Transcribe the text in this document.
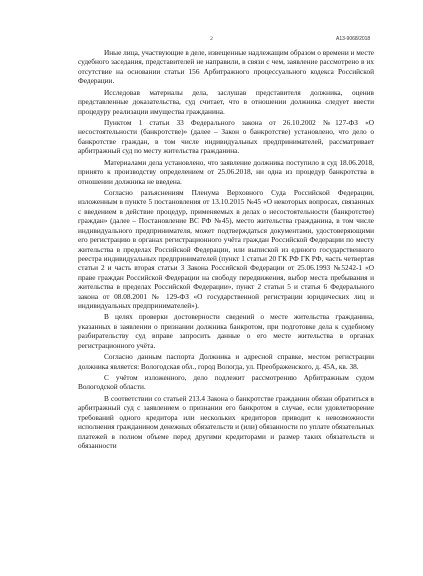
2	А13-9068/2018

Иные лица, участвующие в деле, извещенные надлежащим образом о времени и месте судебного заседания, представителей не направили, в связи с чем, заявление рассмотрено в их отсутствие на основании статьи 156 Арбитражного процессуального кодекса Российской Федерации.

Исследовав материалы дела, заслушав представителя должника, оценив представленные доказательства, суд считает, что в отношении должника следует ввести процедуру реализации имущества гражданина.

Пунктом 1 статьи 33 Федерального закона от 26.10.2002 №127-ФЗ «О несостоятельности (банкротстве)» (далее – Закон о банкротстве) установлено, что дело о банкротстве граждан, в том числе индивидуальных предпринимателей, рассматривает арбитражный суд по месту жительства гражданина.

Материалами дела установлено, что заявление должника поступило в суд 18.06.2018, принято к производству определением от 25.06.2018, ни одна из процедур банкротства в отношении должника не введена.

Согласно разъяснениям Пленума Верховного Суда Российской Федерации, изложенным в пункте 5 постановления от 13.10.2015 №45 «О некоторых вопросах, связанных с введением в действие процедур, применяемых в делах о несостоятельности (банкротстве) граждан» (далее – Постановление ВС РФ №45), место жительства гражданина, в том числе индивидуального предпринимателя, может подтверждаться документами, удостоверяющими его регистрацию в органах регистрационного учёта граждан Российской Федерации по месту жительства в пределах Российской Федерации, или выпиской из единого государственного реестра индивидуальных предпринимателей (пункт 1 статьи 20 ГК РФ ГК РФ, часть четвертая статьи 2 и часть вторая статьи 3 Закона Российской Федерации от 25.06.1993 №5242-1 «О праве граждан Российской Федерации на свободу передвижения, выбор места пребывания и жительства в пределах Российской Федерации», пункт 2 статьи 5 и статья 6 Федерального закона от 08.08.2001 № 129-ФЗ «О государственной регистрации юридических лиц и индивидуальных предпринимателей»).

В целях проверки достоверности сведений о месте жительства гражданина, указанных в заявлении о признании должника банкротом, при подготовке дела к судебному разбирательству суд вправе запросить данные о его месте жительства в органах регистрационного учёта.

Согласно данным паспорта Должника и адресной справке, местом регистрации должника является: Вологодская обл., город Вологда, ул. Преображенского, д. 45А, кв. 38.

С учётом изложенного, дело подлежит рассмотрению Арбитражным судом Вологодской области.

В соответствии со статьей 213.4 Закона о банкротстве гражданин обязан обратиться в арбитражный суд с заявлением о признании его банкротом в случае, если удовлетворение требований одного кредитора или нескольких кредиторов приводит к невозможности исполнения гражданином денежных обязательств и (или) обязанности по уплате обязательных платежей в полном объеме перед другими кредиторами и размер таких обязательств и обязанности
